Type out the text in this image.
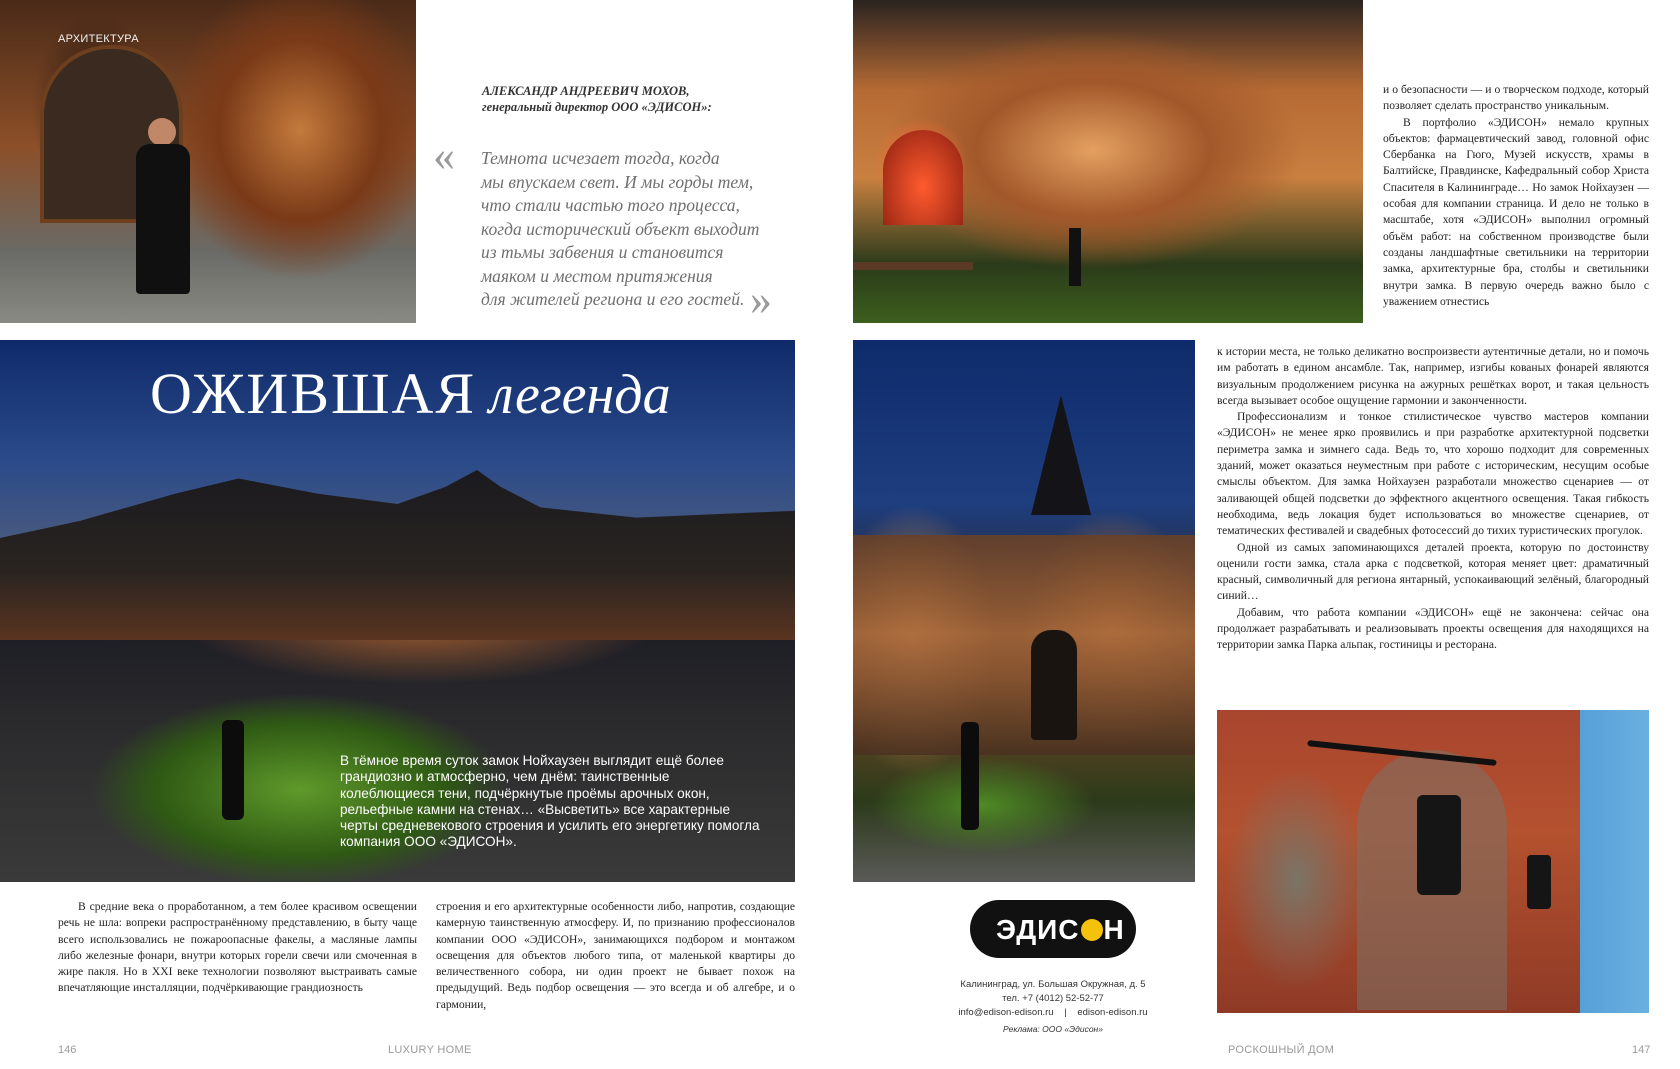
АРХИТЕКТУРА
АЛЕКСАНДР АНДРЕЕВИЧ МОХОВ,
генеральный директор ООО «ЭДИСОН»:
« Темнота исчезает тогда, когда
мы впускаем свет. И мы горды тем,
что стали частью того процесса,
когда исторический объект выходит
из тьмы забвения и становится
маяком и местом притяжения
для жителей региона и его гостей. »
ОЖИВШАЯ легенда
В тёмное время суток замок Нойхаузен выглядит ещё более грандиозно и атмосферно, чем днём: таинственные колеблющиеся тени, подчёркнутые проёмы арочных окон, рельефные камни на стенах… «Высветить» все характерные черты средневекового строения и усилить его энергетику помогла компания ООО «ЭДИСОН».
В средние века о проработанном, а тем более красивом освещении речь не шла: вопреки распространённому представлению, в быту чаще всего использовались не пожароопасные факелы, а масляные лампы либо железные фонари, внутри которых горели свечи или смоченная в жире пакля. Но в XXI веке технологии позволяют выстраивать самые впечатляющие инсталляции, подчёркивающие грандиозность
строения и его архитектурные особенности либо, напротив, создающие камерную таинственную атмосферу. И, по признанию профессионалов компании ООО «ЭДИСОН», занимающихся подбором и монтажом освещения для объектов любого типа, от маленькой квартиры до величественного собора, ни один проект не бывает похож на предыдущий. Ведь подбор освещения — это всегда и об алгебре, и о гармонии,
146	LUXURY HOME

и о безопасности — и о творческом подходе, который позволяет сделать пространство уникальным.

В портфолио «ЭДИСОН» немало крупных объектов: фармацевтический завод, головной офис Сбербанка на Гюго, Музей искусств, храмы в Балтийске, Правдинске, Кафедральный собор Христа Спасителя в Калининграде… Но замок Нойхаузен — особая для компании страница. И дело не только в масштабе, хотя «ЭДИСОН» выполнил огромный объём работ: на собственном производстве были созданы ландшафтные светильники на территории замка, архитектурные бра, столбы и светильники внутри замка. В первую очередь важно было с уважением отнестись

к истории места, не только деликатно воспроизвести аутентичные детали, но и помочь им работать в едином ансамбле. Так, например, изгибы кованых фонарей являются визуальным продолжением рисунка на ажурных решётках ворот, и такая цельность всегда вызывает особое ощущение гармонии и законченности.

Профессионализм и тонкое стилистическое чувство мастеров компании «ЭДИСОН» не менее ярко проявились и при разработке архитектурной подсветки периметра замка и зимнего сада. Ведь то, что хорошо подходит для современных зданий, может оказаться неуместным при работе с историческим, несущим особые смыслы объектом. Для замка Нойхаузен разработали множество сценариев — от заливающей общей подсветки до эффектного акцентного освещения. Такая гибкость необходима, ведь локация будет использоваться во множестве сценариев, от тематических фестивалей и свадебных фотосессий до тихих туристических прогулок.

Одной из самых запоминающихся деталей проекта, которую по достоинству оценили гости замка, стала арка с подсветкой, которая меняет цвет: драматичный красный, символичный для региона янтарный, успокаивающий зелёный, благородный синий…

Добавим, что работа компании «ЭДИСОН» ещё не закончена: сейчас она продолжает разрабатывать и реализовывать проекты освещения для находящихся на территории замка Парка альпак, гостиницы и ресторана.

ЭДИС Н
Калининград, ул. Большая Окружная, д. 5
тел. +7 (4012) 52-52-77
info@edison-edison.ru | edison-edison.ru
Реклама: ООО «Эдисон»
РОСКОШНЫЙ ДОМ	147
